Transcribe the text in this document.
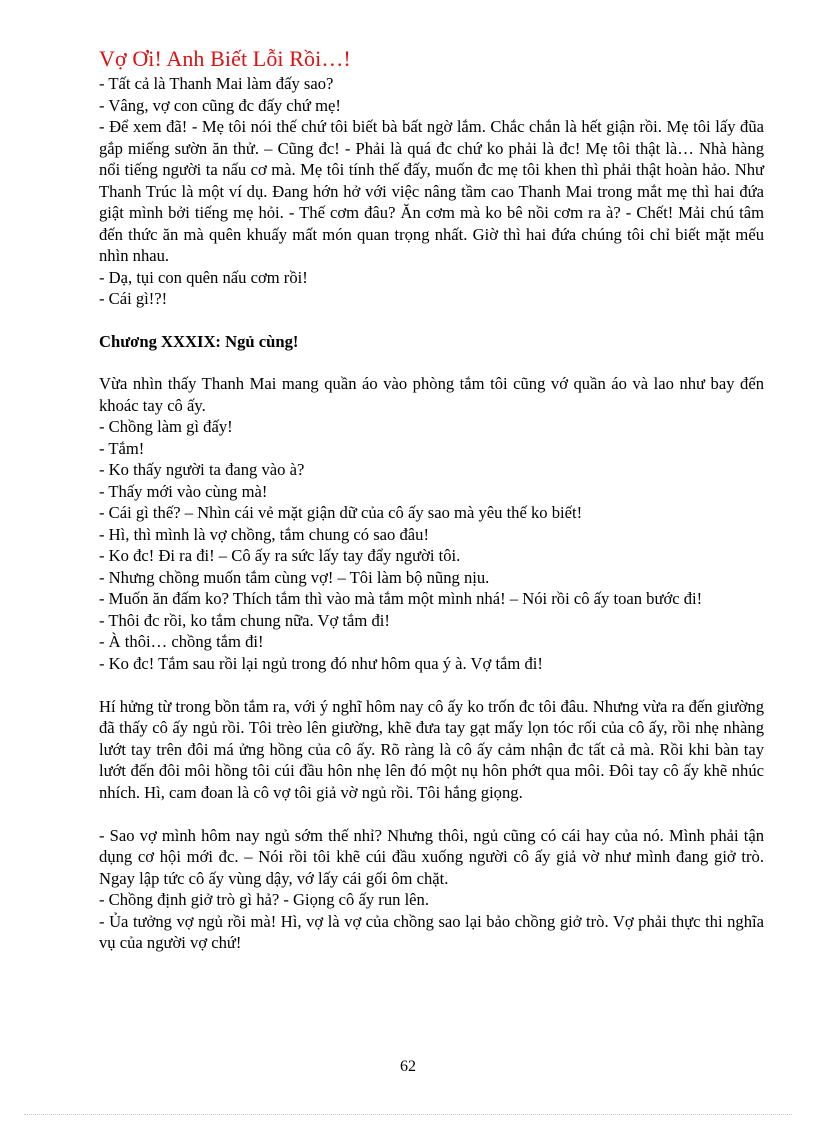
Vợ Ơi! Anh Biết Lỗi Rồi…!
- Tất cả là Thanh Mai làm đấy sao?
- Vâng, vợ con cũng đc đấy chứ mẹ!
- Để xem đã! - Mẹ tôi nói thế chứ tôi biết bà bất ngờ lắm. Chắc chắn là hết giận rồi. Mẹ tôi lấy đũa gắp miếng sườn ăn thử. – Cũng đc! - Phải là quá đc chứ ko phải là đc! Mẹ tôi thật là… Nhà hàng nổi tiếng người ta nấu cơ mà. Mẹ tôi tính thế đấy, muốn đc mẹ tôi khen thì phải thật hoàn hảo. Như Thanh Trúc là một ví dụ. Đang hớn hở với việc nâng tầm cao Thanh Mai trong mắt mẹ thì hai đứa giật mình bởi tiếng mẹ hỏi. - Thế cơm đâu? Ăn cơm mà ko bê nồi cơm ra à? - Chết! Mải chú tâm đến thức ăn mà quên khuấy mất món quan trọng nhất. Giờ thì hai đứa chúng tôi chỉ biết mặt mếu nhìn nhau.
- Dạ, tụi con quên nấu cơm rồi!
- Cái gì!?!
Chương XXXIX: Ngủ cùng!
Vừa nhìn thấy Thanh Mai mang quần áo vào phòng tắm tôi cũng vớ quần áo và lao như bay đến khoác tay cô ấy.
- Chồng làm gì đấy!
- Tắm!
- Ko thấy người ta đang vào à?
- Thấy mới vào cùng mà!
- Cái gì thế? – Nhìn cái vẻ mặt giận dữ của cô ấy sao mà yêu thế ko biết!
- Hì, thì mình là vợ chồng, tắm chung có sao đâu!
- Ko đc! Đi ra đi! – Cô ấy ra sức lấy tay đẩy người tôi.
- Nhưng chồng muốn tắm cùng vợ! – Tôi làm bộ nũng nịu.
- Muốn ăn đấm ko? Thích tắm thì vào mà tắm một mình nhá! – Nói rồi cô ấy toan bước đi!
- Thôi đc rồi, ko tắm chung nữa. Vợ tắm đi!
- À thôi… chồng tắm đi!
- Ko đc! Tắm sau rồi lại ngủ trong đó như hôm qua ý à. Vợ tắm đi!
Hí hửng từ trong bồn tắm ra, với ý nghĩ hôm nay cô ấy ko trốn đc tôi đâu. Nhưng vừa ra đến giường đã thấy cô ấy ngủ rồi. Tôi trèo lên giường, khẽ đưa tay gạt mấy lọn tóc rối của cô ấy, rồi nhẹ nhàng lướt tay trên đôi má ửng hồng của cô ấy. Rõ ràng là cô ấy cảm nhận đc tất cả mà. Rồi khi bàn tay lướt đến đôi môi hồng tôi cúi đầu hôn nhẹ lên đó một nụ hôn phớt qua môi. Đôi tay cô ấy khẽ nhúc nhích. Hì, cam đoan là cô vợ tôi giả vờ ngủ rồi. Tôi hắng giọng.
- Sao vợ mình hôm nay ngủ sớm thế nhỉ? Nhưng thôi, ngủ cũng có cái hay của nó. Mình phải tận dụng cơ hội mới đc. – Nói rồi tôi khẽ cúi đầu xuống người cô ấy giả vờ như mình đang giở trò. Ngay lập tức cô ấy vùng dậy, vớ lấy cái gối ôm chặt.
- Chồng định giở trò gì hả? - Giọng cô ấy run lên.
- Ủa tưởng vợ ngủ rồi mà! Hì, vợ là vợ của chồng sao lại bảo chồng giở trò. Vợ phải thực thi nghĩa vụ của người vợ chứ!
62
